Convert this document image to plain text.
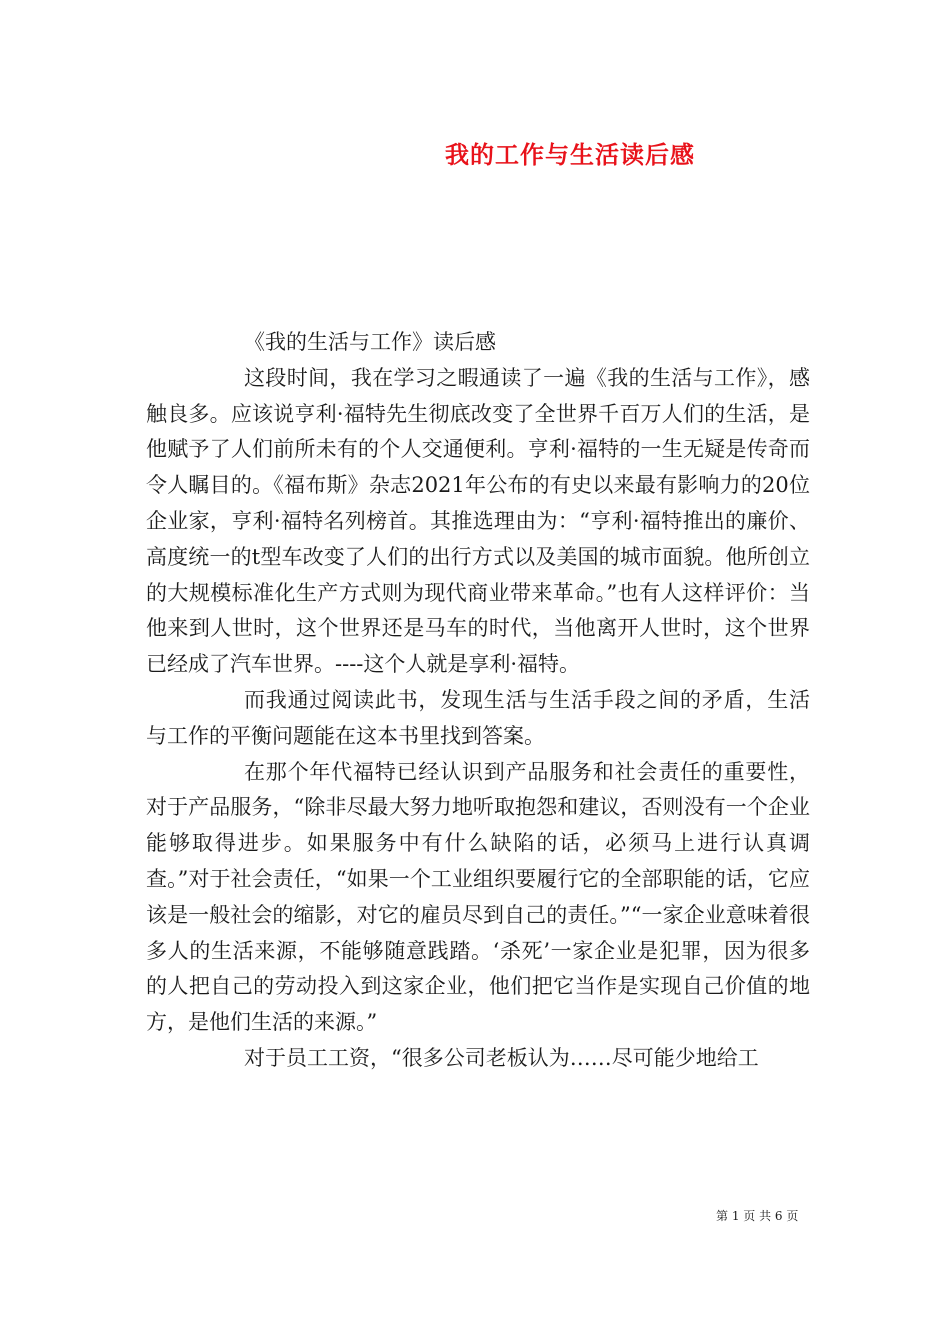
我的工作与生活读后感

《我的生活与工作》读后感

这段时间，我在学习之暇通读了一遍《我的生活与工作》，感触良多。应该说亨利·福特先生彻底改变了全世界千百万人们的生活，是他赋予了人们前所未有的个人交通便利。亨利·福特的一生无疑是传奇而令人瞩目的。《福布斯》杂志2021年公布的有史以来最有影响力的20位企业家，亨利·福特名列榜首。其推选理由为：“亨利·福特推出的廉价、高度统一的t型车改变了人们的出行方式以及美国的城市面貌。他所创立的大规模标准化生产方式则为现代商业带来革命。”也有人这样评价：当他来到人世时，这个世界还是马车的时代，当他离开人世时，这个世界已经成了汽车世界。----这个人就是享利·福特。

而我通过阅读此书，发现生活与生活手段之间的矛盾，生活与工作的平衡问题能在这本书里找到答案。

在那个年代福特已经认识到产品服务和社会责任的重要性，对于产品服务，“除非尽最大努力地听取抱怨和建议，否则没有一个企业能够取得进步。如果服务中有什么缺陷的话，必须马上进行认真调查。”对于社会责任，“如果一个工业组织要履行它的全部职能的话，它应该是一般社会的缩影，对它的雇员尽到自己的责任。”“一家企业意味着很多人的生活来源，不能够随意践踏。‘杀死’一家企业是犯罪，因为很多的人把自己的劳动投入到这家企业，他们把它当作是实现自己价值的地方，是他们生活的来源。”

对于员工工资，“很多公司老板认为……尽可能少地给工

第 1 页 共 6 页
